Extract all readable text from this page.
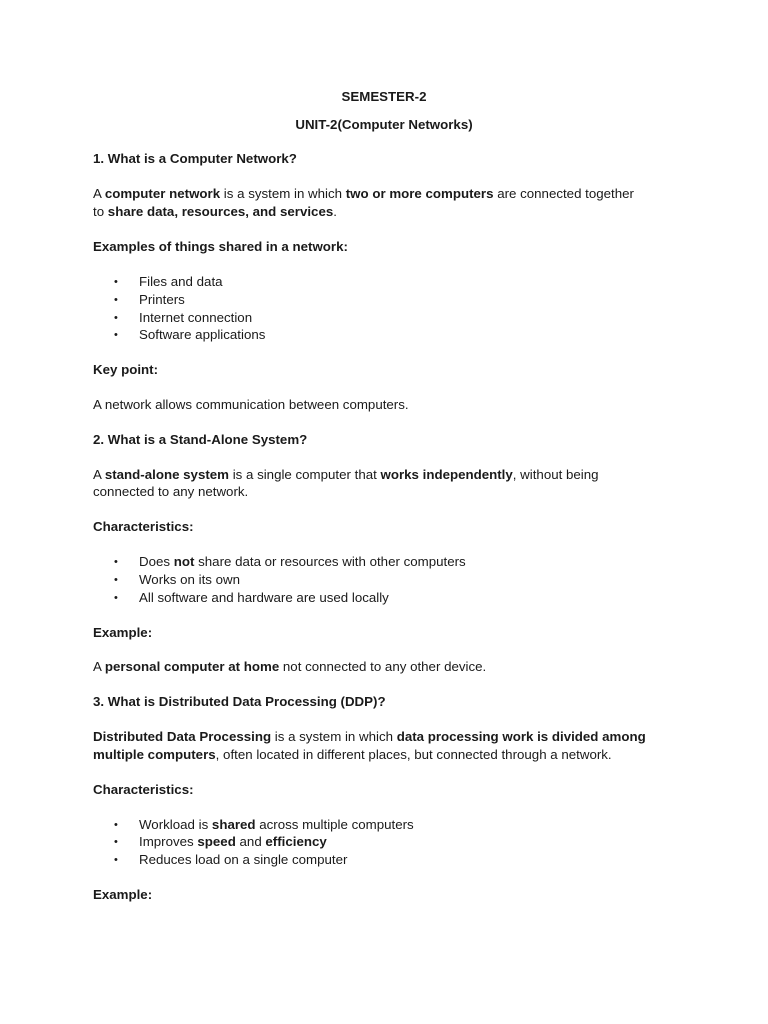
SEMESTER-2
UNIT-2(Computer Networks)
1. What is a Computer Network?
A computer network is a system in which two or more computers are connected together
to share data, resources, and services.
Examples of things shared in a network:
•	Files and data
•	Printers
•	Internet connection
•	Software applications
Key point:
A network allows communication between computers.
2. What is a Stand-Alone System?
A stand-alone system is a single computer that works independently, without being
connected to any network.
Characteristics:
•	Does not share data or resources with other computers
•	Works on its own
•	All software and hardware are used locally
Example:
A personal computer at home not connected to any other device.
3. What is Distributed Data Processing (DDP)?
Distributed Data Processing is a system in which data processing work is divided among
multiple computers, often located in different places, but connected through a network.
Characteristics:
•	Workload is shared across multiple computers
•	Improves speed and efficiency
•	Reduces load on a single computer
Example:
